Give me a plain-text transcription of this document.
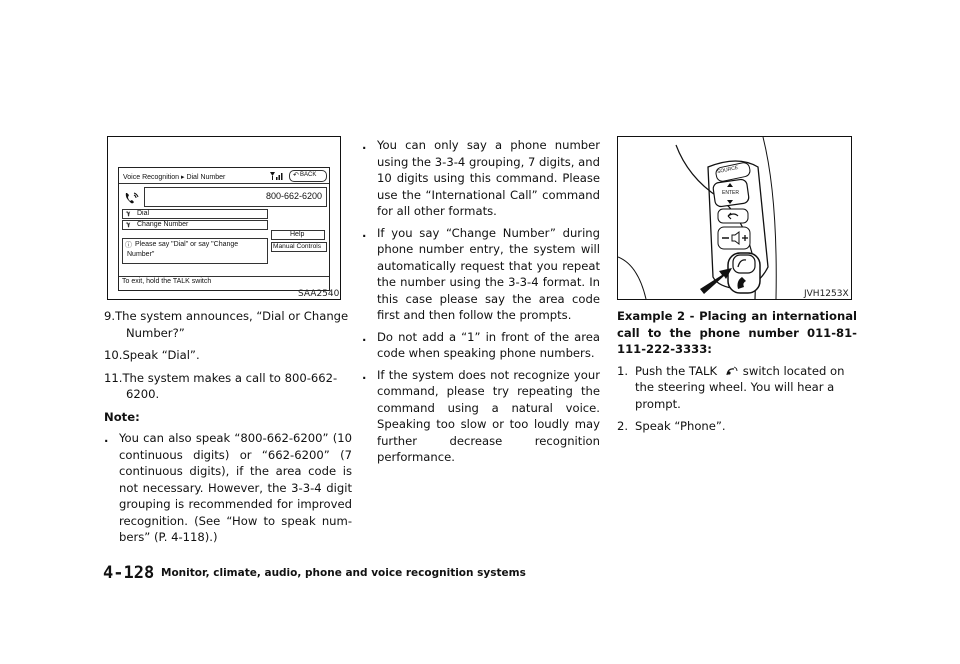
Voice Recognition ▸ Dial Number	BACK
↶
800-662-6200
ℽ Dial
ℽ Change Number
Help
Manual Controls
ⓘ Please say "Dial" or say "Change
Number"
To exit, hold the TALK switch
SAA2540
SOURCE
ENTER
JVH1253X
9.The system announces, “Dial or Change
Number?”
10.Speak “Dial”.
11.The system makes a call to 800-662-
6200.
Note:
. You can also speak “800-662-6200” (10 continuous digits) or “662-6200” (7 continuous digits), if the area code is not necessary. However, the 3-3-4 digit grouping is recommended for improved recognition. (See “How to speak numbers” (P. 4-118).)
. You can only say a phone number using the 3-3-4 grouping, 7 digits, and 10 digits using this command. Please use the “International Call” command for all other formats.
. If you say “Change Number” during phone number entry, the system will automatically request that you repeat the number using the 3-3-4 format. In this case please say the area code first and then follow the prompts.
. Do not add a “1” in front of the area code when speaking phone numbers.
. If the system does not recognize your command, please try repeating the command using a natural voice. Speaking too slow or too loudly may further decrease recognition performance.
Example 2 - Placing an international call to the phone number 011-81-111-222-3333:
1. Push the TALK switch located on
the steering wheel. You will hear a
prompt.
2. Speak “Phone”.
4-128 Monitor, climate, audio, phone and voice recognition systems
